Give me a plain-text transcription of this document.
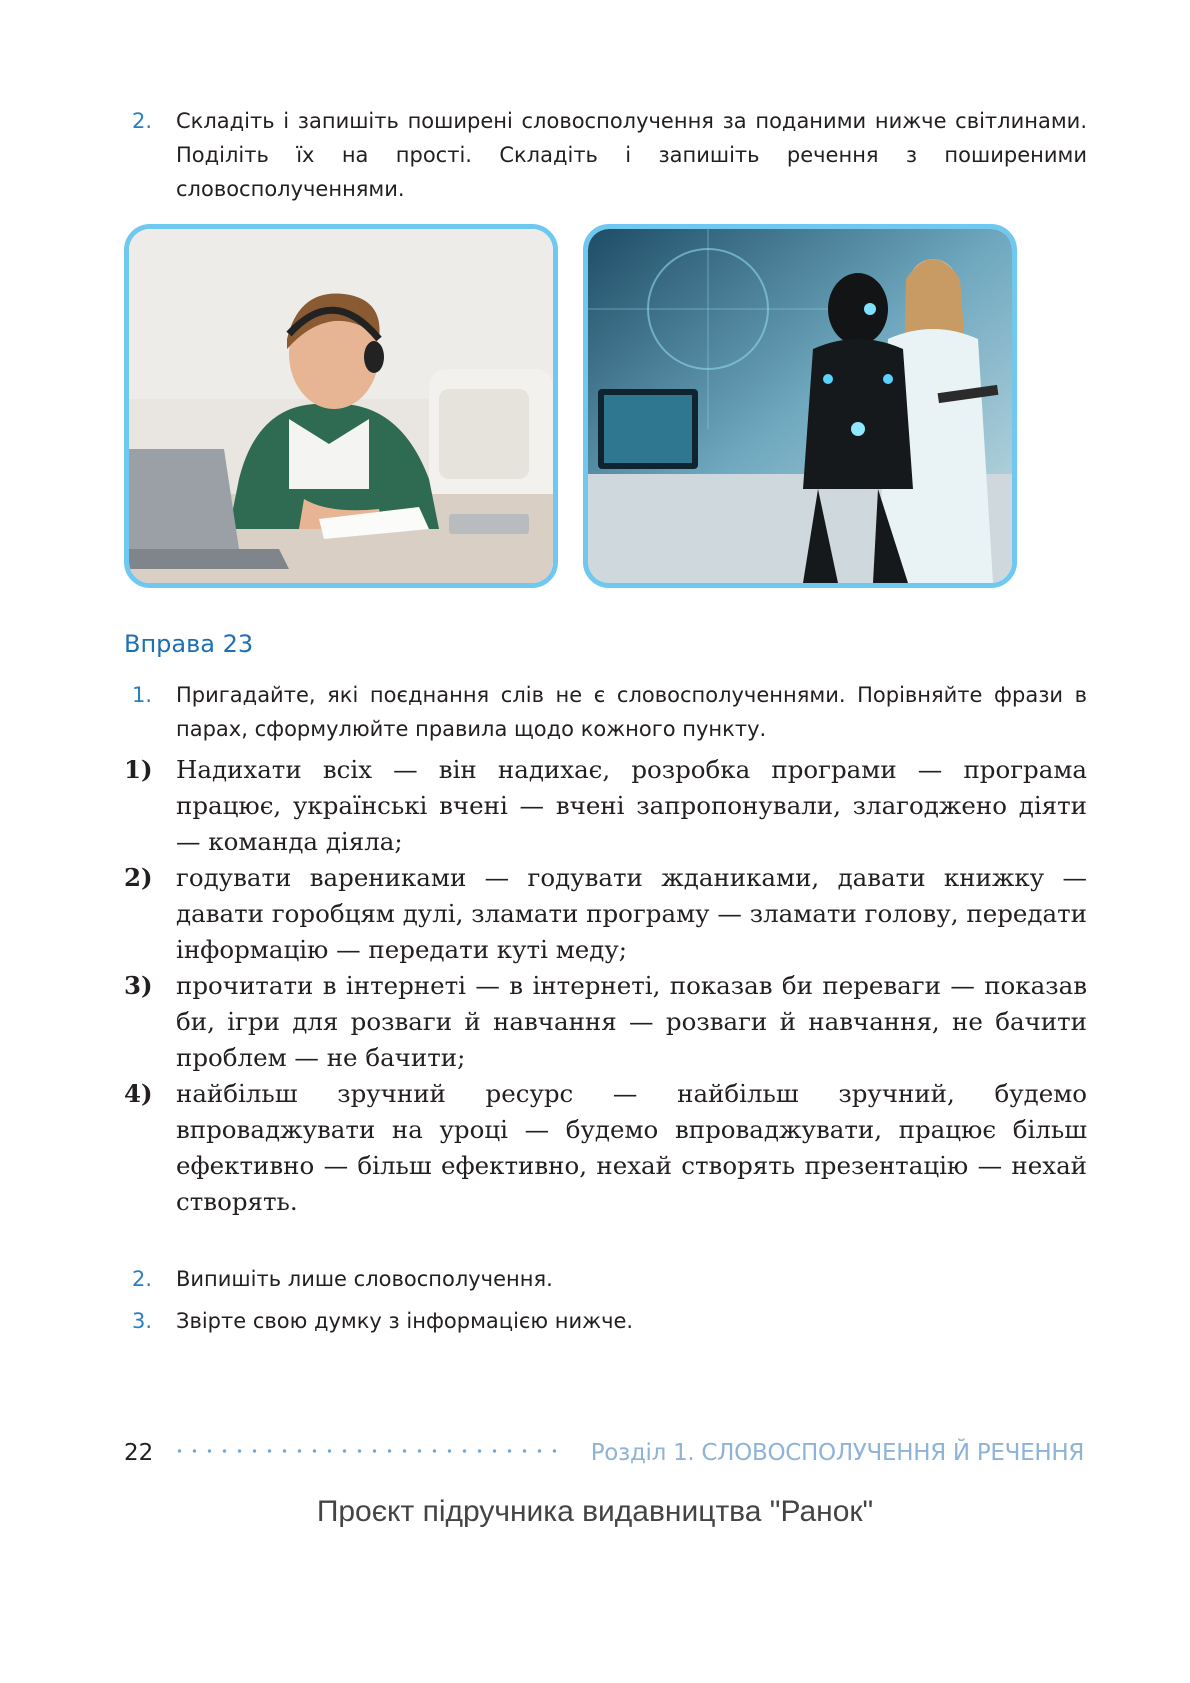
2. Складіть і запишіть поширені словосполучення за поданими нижче світлинами. Поділіть їх на прості. Складіть і запишіть речення з поширеними словосполученнями.
Вправа 23
1. Пригадайте, які поєднання слів не є словосполученнями. Порівняйте фрази в парах, сформулюйте правила щодо кожного пункту.
1) Надихати всіх — він надихає, розробка програми — програма працює, українські вчені — вчені запропонували, злагоджено діяти — команда діяла;
2) годувати варениками — годувати жданиками, давати книжку — давати горобцям дулі, зламати програму — зламати голову, передати інформацію — передати куті меду;
3) прочитати в інтернеті — в інтернеті, показав би переваги — показав би, ігри для розваги й навчання — розваги й навчання, не бачити проблем — не бачити;
4) найбільш зручний ресурс — найбільш зручний, будемо впроваджувати на уроці — будемо впроваджувати, працює більш ефективно — більш ефективно, нехай створять презентацію — нехай створять.
2. Випишіть лише словосполучення.
3. Звірте свою думку з інформацією нижче.
22	Розділ 1. СЛОВОСПОЛУЧЕННЯ Й РЕЧЕННЯ
Проєкт підручника видавництва "Ранок"
